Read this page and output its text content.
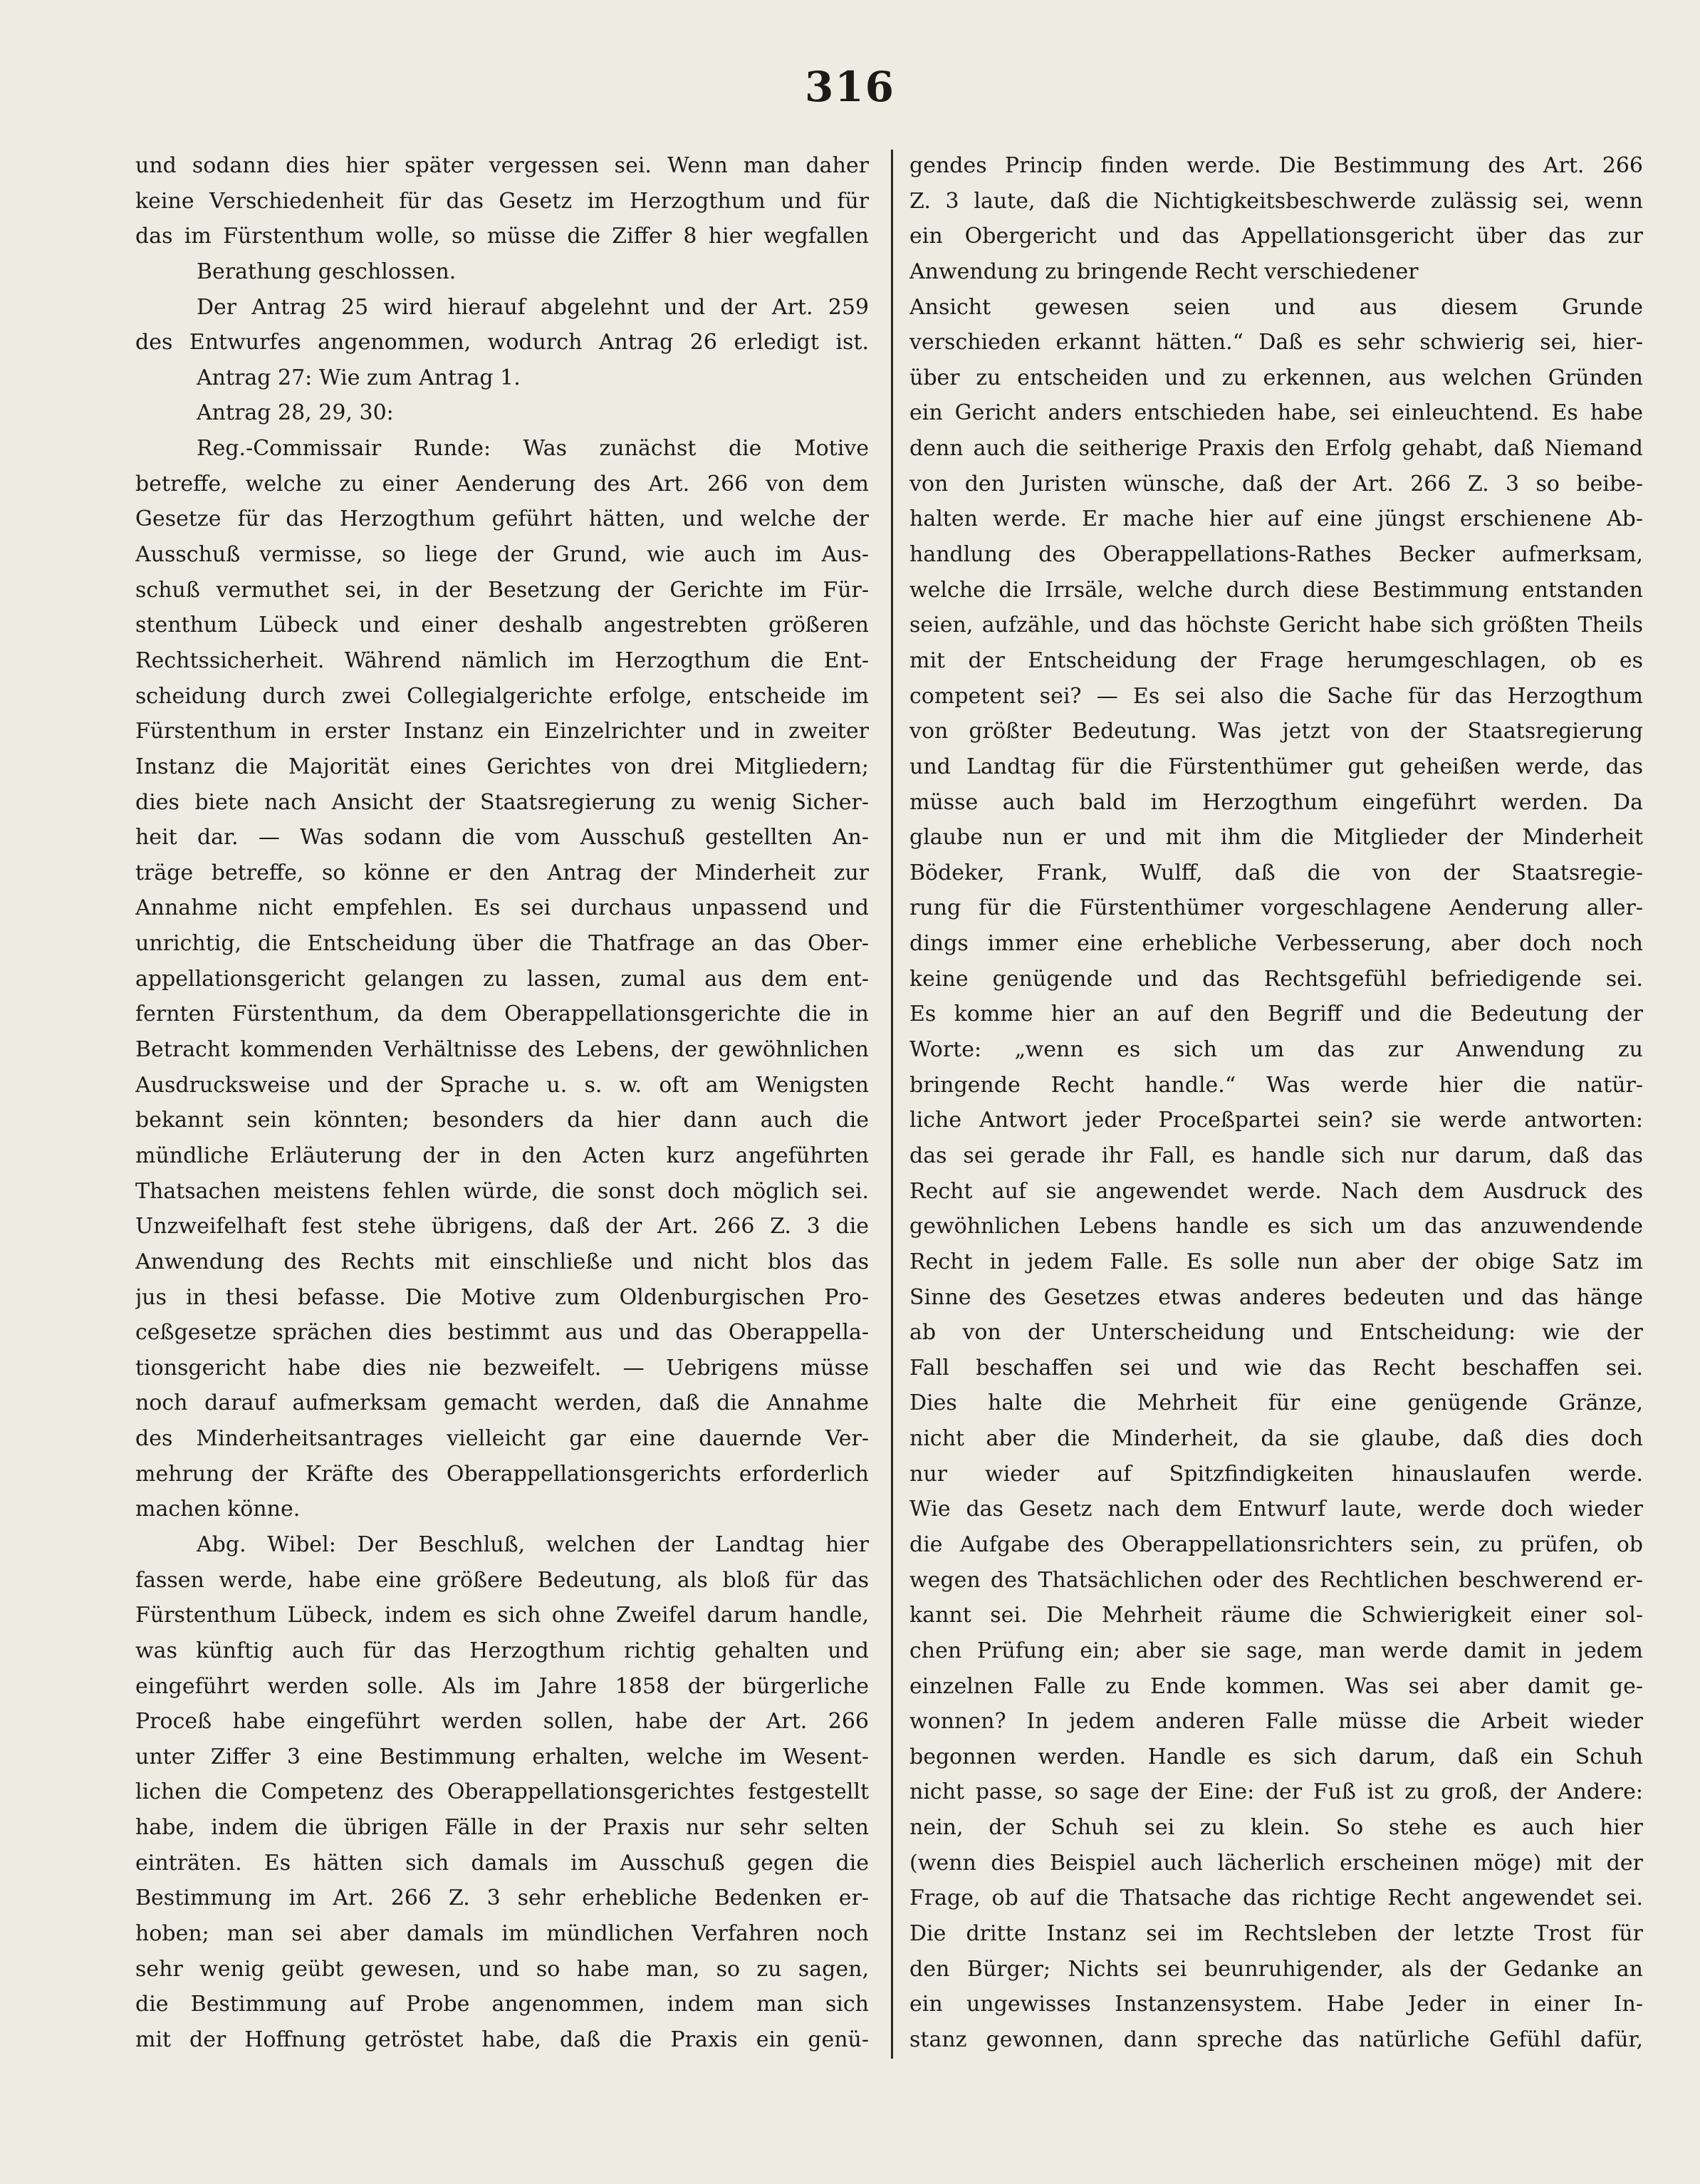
316
und sodann dies hier später vergessen sei. Wenn man daher
keine Verschiedenheit für das Gesetz im Herzogthum und für
das im Fürstenthum wolle, so müsse die Ziffer 8 hier wegfallen
Berathung geschlossen.
Der Antrag 25 wird hierauf abgelehnt und der Art. 259
des Entwurfes angenommen, wodurch Antrag 26 erledigt ist.
Antrag 27: Wie zum Antrag 1.
Antrag 28, 29, 30:
Reg.-Commissair Runde: Was zunächst die Motive
betreffe, welche zu einer Aenderung des Art. 266 von dem
Gesetze für das Herzogthum geführt hätten, und welche der
Ausschuß vermisse, so liege der Grund, wie auch im Aus-
schuß vermuthet sei, in der Besetzung der Gerichte im Für-
stenthum Lübeck und einer deshalb angestrebten größeren
Rechtssicherheit. Während nämlich im Herzogthum die Ent-
scheidung durch zwei Collegialgerichte erfolge, entscheide im
Fürstenthum in erster Instanz ein Einzelrichter und in zweiter
Instanz die Majorität eines Gerichtes von drei Mitgliedern;
dies biete nach Ansicht der Staatsregierung zu wenig Sicher-
heit dar. — Was sodann die vom Ausschuß gestellten An-
träge betreffe, so könne er den Antrag der Minderheit zur
Annahme nicht empfehlen. Es sei durchaus unpassend und
unrichtig, die Entscheidung über die Thatfrage an das Ober-
appellationsgericht gelangen zu lassen, zumal aus dem ent-
fernten Fürstenthum, da dem Oberappellationsgerichte die in
Betracht kommenden Verhältnisse des Lebens, der gewöhnlichen
Ausdrucksweise und der Sprache u. s. w. oft am Wenigsten
bekannt sein könnten; besonders da hier dann auch die
mündliche Erläuterung der in den Acten kurz angeführten
Thatsachen meistens fehlen würde, die sonst doch möglich sei.
Unzweifelhaft fest stehe übrigens, daß der Art. 266 Z. 3 die
Anwendung des Rechts mit einschließe und nicht blos das
jus in thesi befasse. Die Motive zum Oldenburgischen Pro-
ceßgesetze sprächen dies bestimmt aus und das Oberappella-
tionsgericht habe dies nie bezweifelt. — Uebrigens müsse
noch darauf aufmerksam gemacht werden, daß die Annahme
des Minderheitsantrages vielleicht gar eine dauernde Ver-
mehrung der Kräfte des Oberappellationsgerichts erforderlich
machen könne.
Abg. Wibel: Der Beschluß, welchen der Landtag hier
fassen werde, habe eine größere Bedeutung, als bloß für das
Fürstenthum Lübeck, indem es sich ohne Zweifel darum handle,
was künftig auch für das Herzogthum richtig gehalten und
eingeführt werden solle. Als im Jahre 1858 der bürgerliche
Proceß habe eingeführt werden sollen, habe der Art. 266
unter Ziffer 3 eine Bestimmung erhalten, welche im Wesent-
lichen die Competenz des Oberappellationsgerichtes festgestellt
habe, indem die übrigen Fälle in der Praxis nur sehr selten
einträten. Es hätten sich damals im Ausschuß gegen die
Bestimmung im Art. 266 Z. 3 sehr erhebliche Bedenken er-
hoben; man sei aber damals im mündlichen Verfahren noch
sehr wenig geübt gewesen, und so habe man, so zu sagen,
die Bestimmung auf Probe angenommen, indem man sich
mit der Hoffnung getröstet habe, daß die Praxis ein genü-
gendes Princip finden werde. Die Bestimmung des Art. 266
Z. 3 laute, daß die Nichtigkeitsbeschwerde zulässig sei, wenn
ein Obergericht und das Appellationsgericht über das zur
Anwendung zu bringende Recht verschiedener
Ansicht gewesen seien und aus diesem Grunde
verschieden erkannt hätten.“ Daß es sehr schwierig sei, hier-
über zu entscheiden und zu erkennen, aus welchen Gründen
ein Gericht anders entschieden habe, sei einleuchtend. Es habe
denn auch die seitherige Praxis den Erfolg gehabt, daß Niemand
von den Juristen wünsche, daß der Art. 266 Z. 3 so beibe-
halten werde. Er mache hier auf eine jüngst erschienene Ab-
handlung des Oberappellations-Rathes Becker aufmerksam,
welche die Irrsäle, welche durch diese Bestimmung entstanden
seien, aufzähle, und das höchste Gericht habe sich größten Theils
mit der Entscheidung der Frage herumgeschlagen, ob es
competent sei? — Es sei also die Sache für das Herzogthum
von größter Bedeutung. Was jetzt von der Staatsregierung
und Landtag für die Fürstenthümer gut geheißen werde, das
müsse auch bald im Herzogthum eingeführt werden. Da
glaube nun er und mit ihm die Mitglieder der Minderheit
Bödeker, Frank, Wulff, daß die von der Staatsregie-
rung für die Fürstenthümer vorgeschlagene Aenderung aller-
dings immer eine erhebliche Verbesserung, aber doch noch
keine genügende und das Rechtsgefühl befriedigende sei.
Es komme hier an auf den Begriff und die Bedeutung der
Worte: „wenn es sich um das zur Anwendung zu
bringende Recht handle.“ Was werde hier die natür-
liche Antwort jeder Proceßpartei sein? sie werde antworten:
das sei gerade ihr Fall, es handle sich nur darum, daß das
Recht auf sie angewendet werde. Nach dem Ausdruck des
gewöhnlichen Lebens handle es sich um das anzuwendende
Recht in jedem Falle. Es solle nun aber der obige Satz im
Sinne des Gesetzes etwas anderes bedeuten und das hänge
ab von der Unterscheidung und Entscheidung: wie der
Fall beschaffen sei und wie das Recht beschaffen sei.
Dies halte die Mehrheit für eine genügende Gränze,
nicht aber die Minderheit, da sie glaube, daß dies doch
nur wieder auf Spitzfindigkeiten hinauslaufen werde.
Wie das Gesetz nach dem Entwurf laute, werde doch wieder
die Aufgabe des Oberappellationsrichters sein, zu prüfen, ob
wegen des Thatsächlichen oder des Rechtlichen beschwerend er-
kannt sei. Die Mehrheit räume die Schwierigkeit einer sol-
chen Prüfung ein; aber sie sage, man werde damit in jedem
einzelnen Falle zu Ende kommen. Was sei aber damit ge-
wonnen? In jedem anderen Falle müsse die Arbeit wieder
begonnen werden. Handle es sich darum, daß ein Schuh
nicht passe, so sage der Eine: der Fuß ist zu groß, der Andere:
nein, der Schuh sei zu klein. So stehe es auch hier
(wenn dies Beispiel auch lächerlich erscheinen möge) mit der
Frage, ob auf die Thatsache das richtige Recht angewendet sei.
Die dritte Instanz sei im Rechtsleben der letzte Trost für
den Bürger; Nichts sei beunruhigender, als der Gedanke an
ein ungewisses Instanzensystem. Habe Jeder in einer In-
stanz gewonnen, dann spreche das natürliche Gefühl dafür,
